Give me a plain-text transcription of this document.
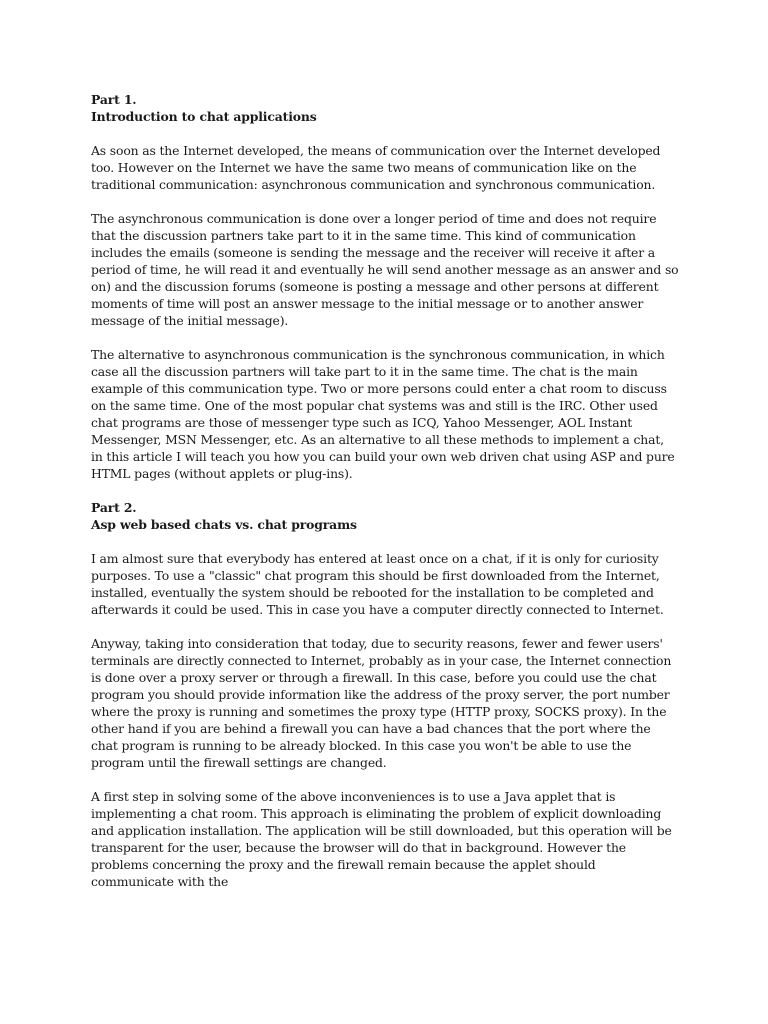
Part 1.

Introduction to chat applications

As soon as the Internet developed, the means of communication over the Internet developed too. However on the Internet we have the same two means of communication like on the traditional communication: asynchronous communication and synchronous communication.

The asynchronous communication is done over a longer period of time and does not require that the discussion partners take part to it in the same time. This kind of communication includes the emails (someone is sending the message and the receiver will receive it after a period of time, he will read it and eventually he will send another message as an answer and so on) and the discussion forums (someone is posting a message and other persons at different moments of time will post an answer message to the initial message or to another answer message of the initial message).

The alternative to asynchronous communication is the synchronous communication, in which case all the discussion partners will take part to it in the same time. The chat is the main example of this communication type. Two or more persons could enter a chat room to discuss on the same time. One of the most popular chat systems was and still is the IRC. Other used chat programs are those of messenger type such as ICQ, Yahoo Messenger, AOL Instant Messenger, MSN Messenger, etc. As an alternative to all these methods to implement a chat, in this article I will teach you how you can build your own web driven chat using ASP and pure HTML pages (without applets or plug-ins).

Part 2.

Asp web based chats vs. chat programs

I am almost sure that everybody has entered at least once on a chat, if it is only for curiosity purposes. To use a "classic" chat program this should be first downloaded from the Internet, installed, eventually the system should be rebooted for the installation to be completed and afterwards it could be used. This in case you have a computer directly connected to Internet.

Anyway, taking into consideration that today, due to security reasons, fewer and fewer users' terminals are directly connected to Internet, probably as in your case, the Internet connection is done over a proxy server or through a firewall. In this case, before you could use the chat program you should provide information like the address of the proxy server, the port number where the proxy is running and sometimes the proxy type (HTTP proxy, SOCKS proxy). In the other hand if you are behind a firewall you can have a bad chances that the port where the chat program is running to be already blocked. In this case you won't be able to use the program until the firewall settings are changed.

A first step in solving some of the above inconveniences is to use a Java applet that is implementing a chat room. This approach is eliminating the problem of explicit downloading and application installation. The application will be still downloaded, but this operation will be transparent for the user, because the browser will do that in background. However the problems concerning the proxy and the firewall remain because the applet should communicate with the
